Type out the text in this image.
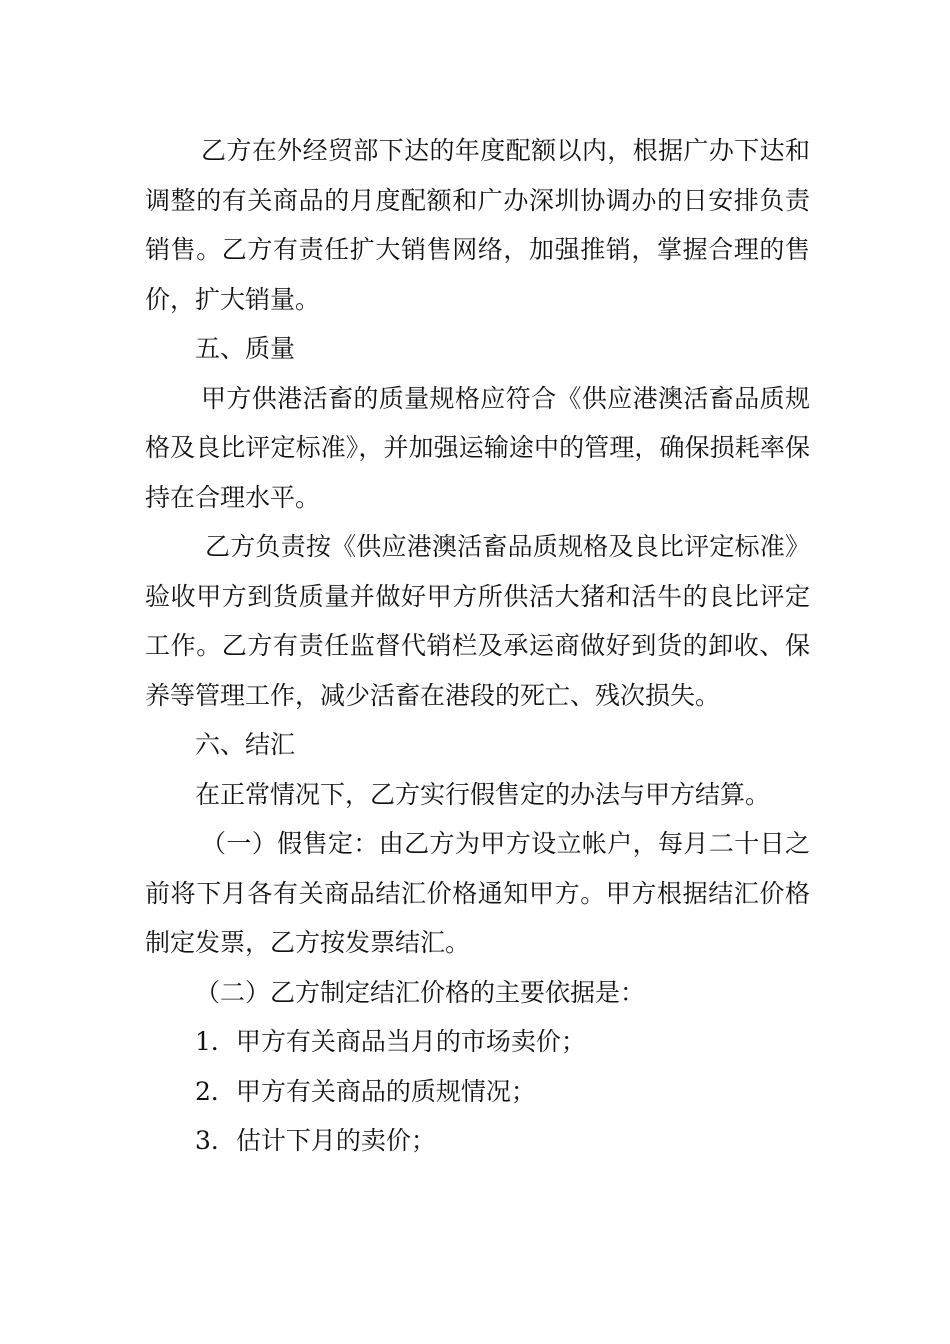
乙方在外经贸部下达的年度配额以内，根据广办下达和调整的有关商品的月度配额和广办深圳协调办的日安排负责销售。乙方有责任扩大销售网络，加强推销，掌握合理的售价，扩大销量。

五、质量

甲方供港活畜的质量规格应符合《供应港澳活畜品质规格及良比评定标准》，并加强运输途中的管理，确保损耗率保持在合理水平。

乙方负责按《供应港澳活畜品质规格及良比评定标准》验收甲方到货质量并做好甲方所供活大猪和活牛的良比评定工作。乙方有责任监督代销栏及承运商做好到货的卸收、保养等管理工作，减少活畜在港段的死亡、残次损失。

六、结汇

在正常情况下，乙方实行假售定的办法与甲方结算。

（一）假售定：由乙方为甲方设立帐户，每月二十日之前将下月各有关商品结汇价格通知甲方。甲方根据结汇价格制定发票，乙方按发票结汇。

（二）乙方制定结汇价格的主要依据是：

1．甲方有关商品当月的市场卖价；

2．甲方有关商品的质规情况；

3．估计下月的卖价；
